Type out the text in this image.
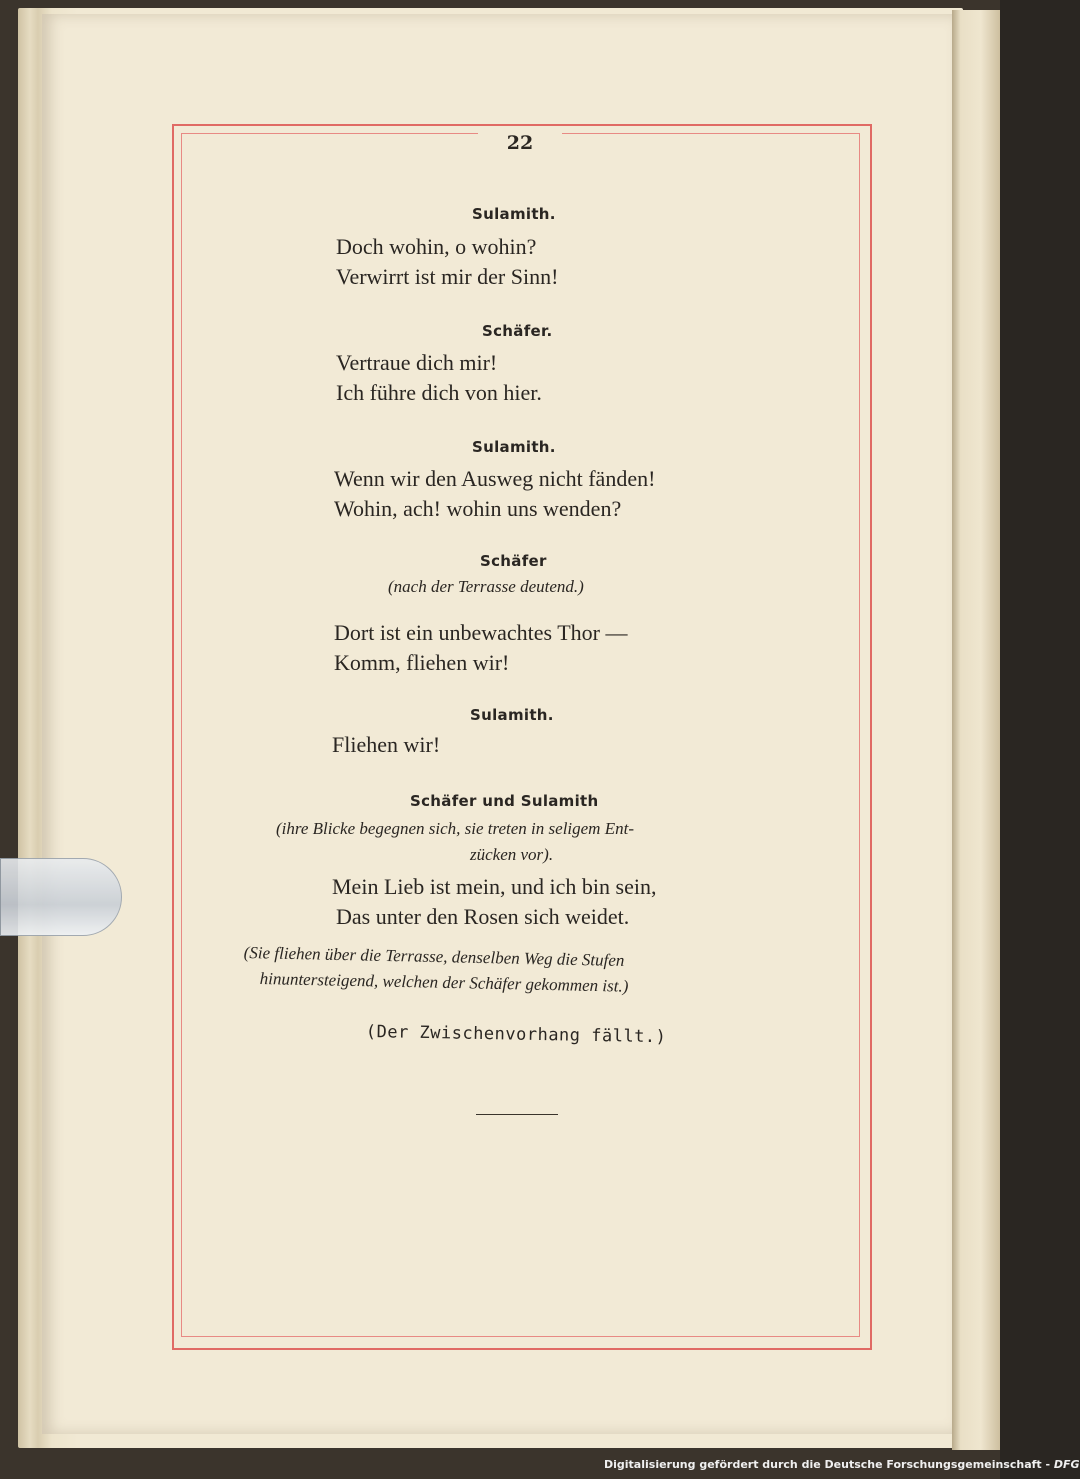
22
Sulamith.
Doch wohin, o wohin?
Verwirrt ist mir der Sinn!
Schäfer.
Vertraue dich mir!
Ich führe dich von hier.
Sulamith.
Wenn wir den Ausweg nicht fänden!
Wohin, ach! wohin uns wenden?
Schäfer
(nach der Terrasse deutend.)
Dort ist ein unbewachtes Thor —
Komm, fliehen wir!
Sulamith.
Fliehen wir!
Schäfer und Sulamith
(ihre Blicke begegnen sich, sie treten in seligem Ent-
zücken vor).
Mein Lieb ist mein, und ich bin sein,
Das unter den Rosen sich weidet.
(Sie fliehen über die Terrasse, denselben Weg die Stufen
hinuntersteigend, welchen der Schäfer gekommen ist.)
(Der Zwischenvorhang fällt.)
Digitalisierung gefördert durch die Deutsche Forschungsgemeinschaft - DFG
